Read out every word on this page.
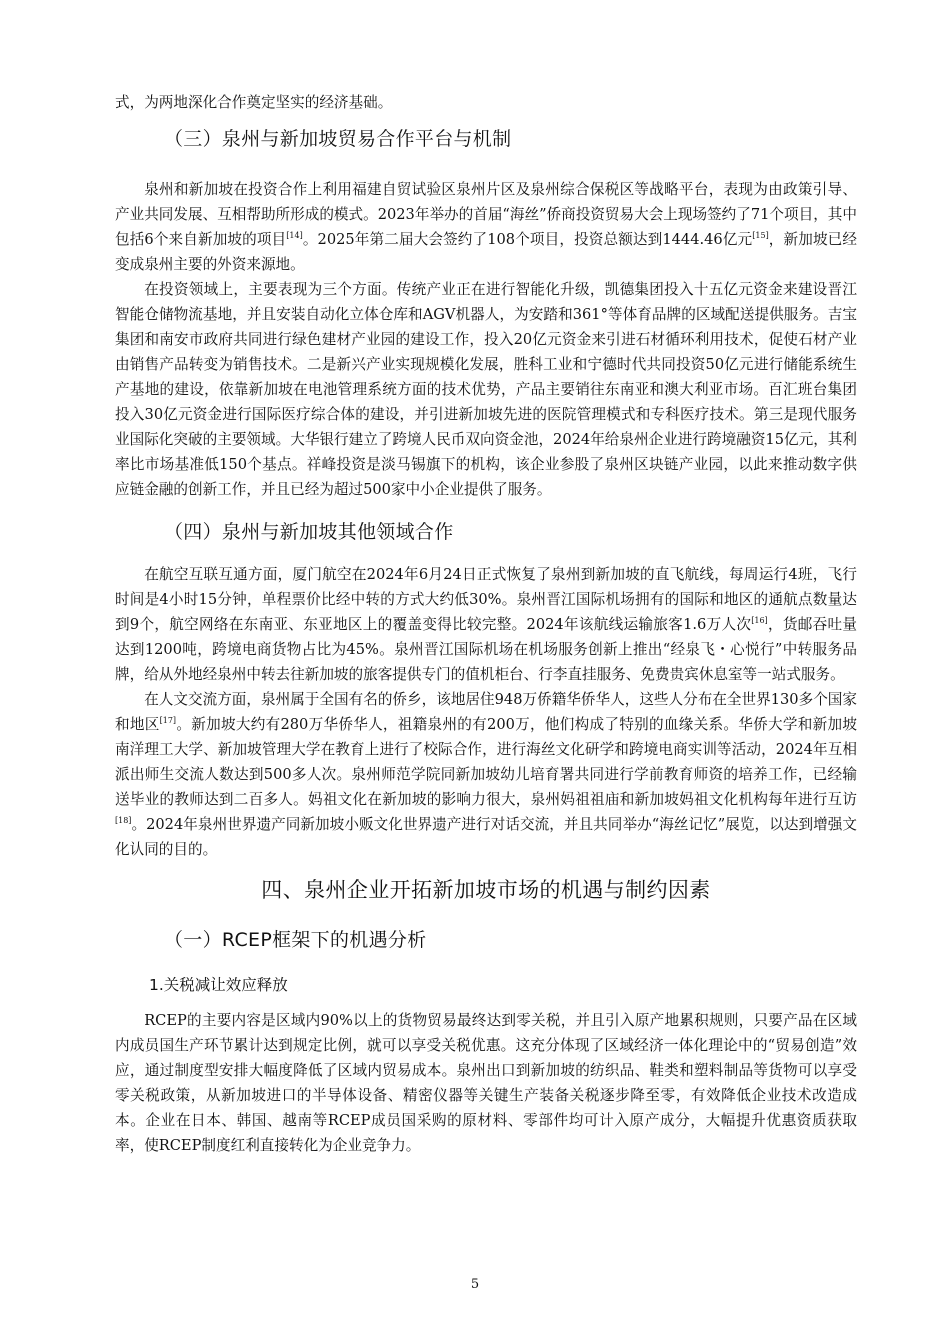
式，为两地深化合作奠定坚实的经济基础。

（三）泉州与新加坡贸易合作平台与机制

泉州和新加坡在投资合作上利用福建自贸试验区泉州片区及泉州综合保税区等战略平台，表现为由政策引导、产业共同发展、互相帮助所形成的模式。2023年举办的首届“海丝”侨商投资贸易大会上现场签约了71个项目，其中包括6个来自新加坡的项目[14]。2025年第二届大会签约了108个项目，投资总额达到1444.46亿元[15]，新加坡已经变成泉州主要的外资来源地。

在投资领域上，主要表现为三个方面。传统产业正在进行智能化升级，凯德集团投入十五亿元资金来建设晋江智能仓储物流基地，并且安装自动化立体仓库和AGV机器人，为安踏和361°等体育品牌的区域配送提供服务。吉宝集团和南安市政府共同进行绿色建材产业园的建设工作，投入20亿元资金来引进石材循环利用技术，促使石材产业由销售产品转变为销售技术。二是新兴产业实现规模化发展，胜科工业和宁德时代共同投资50亿元进行储能系统生产基地的建设，依靠新加坡在电池管理系统方面的技术优势，产品主要销往东南亚和澳大利亚市场。百汇班台集团投入30亿元资金进行国际医疗综合体的建设，并引进新加坡先进的医院管理模式和专科医疗技术。第三是现代服务业国际化突破的主要领域。大华银行建立了跨境人民币双向资金池，2024年给泉州企业进行跨境融资15亿元，其利率比市场基准低150个基点。祥峰投资是淡马锡旗下的机构，该企业参股了泉州区块链产业园，以此来推动数字供应链金融的创新工作，并且已经为超过500家中小企业提供了服务。

（四）泉州与新加坡其他领域合作

在航空互联互通方面，厦门航空在2024年6月24日正式恢复了泉州到新加坡的直飞航线，每周运行4班，飞行时间是4小时15分钟，单程票价比经中转的方式大约低30%。泉州晋江国际机场拥有的国际和地区的通航点数量达到9个，航空网络在东南亚、东亚地区上的覆盖变得比较完整。2024年该航线运输旅客1.6万人次[16]，货邮吞吐量达到1200吨，跨境电商货物占比为45%。泉州晋江国际机场在机场服务创新上推出“经泉飞・心悦行”中转服务品牌，给从外地经泉州中转去往新加坡的旅客提供专门的值机柜台、行李直挂服务、免费贵宾休息室等一站式服务。

在人文交流方面，泉州属于全国有名的侨乡，该地居住948万侨籍华侨华人，这些人分布在全世界130多个国家和地区[17]。新加坡大约有280万华侨华人，祖籍泉州的有200万，他们构成了特别的血缘关系。华侨大学和新加坡南洋理工大学、新加坡管理大学在教育上进行了校际合作，进行海丝文化研学和跨境电商实训等活动，2024年互相派出师生交流人数达到500多人次。泉州师范学院同新加坡幼儿培育署共同进行学前教育师资的培养工作，已经输送毕业的教师达到二百多人。妈祖文化在新加坡的影响力很大，泉州妈祖祖庙和新加坡妈祖文化机构每年进行互访[18]。2024年泉州世界遗产同新加坡小贩文化世界遗产进行对话交流，并且共同举办“海丝记忆”展览，以达到增强文化认同的目的。

四、泉州企业开拓新加坡市场的机遇与制约因素
（一）RCEP框架下的机遇分析
1.关税减让效应释放

RCEP的主要内容是区域内90%以上的货物贸易最终达到零关税，并且引入原产地累积规则，只要产品在区域内成员国生产环节累计达到规定比例，就可以享受关税优惠。这充分体现了区域经济一体化理论中的“贸易创造”效应，通过制度型安排大幅度降低了区域内贸易成本。泉州出口到新加坡的纺织品、鞋类和塑料制品等货物可以享受零关税政策，从新加坡进口的半导体设备、精密仪器等关键生产装备关税逐步降至零，有效降低企业技术改造成本。企业在日本、韩国、越南等RCEP成员国采购的原材料、零部件均可计入原产成分，大幅提升优惠资质获取率，使RCEP制度红利直接转化为企业竞争力。

5
